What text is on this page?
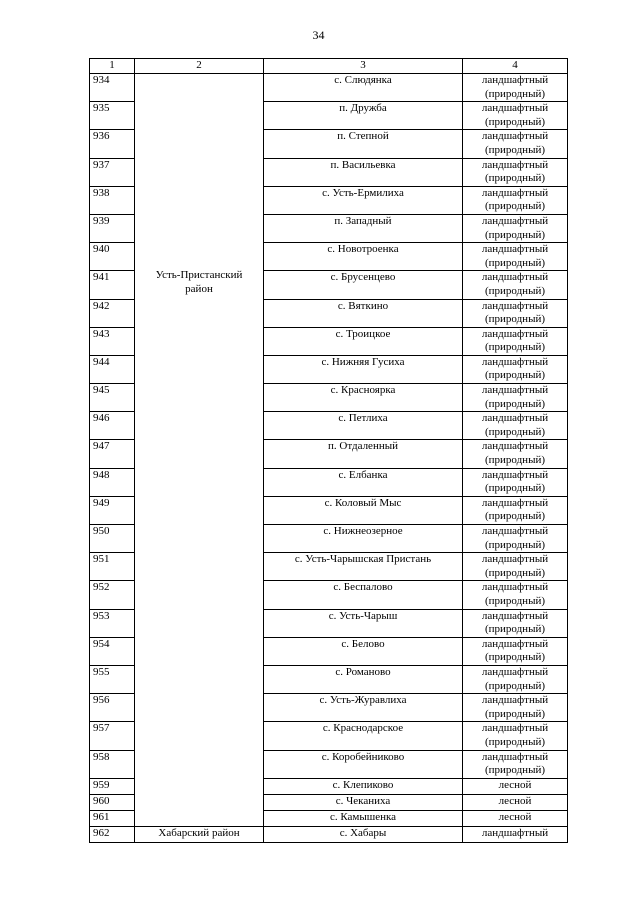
34
1	2	3	4
934	Усть-Пристанский район	с. Слюдянка	ландшафтный
(природный)

935		п. Дружба	ландшафтный
(природный)

936		п. Степной	ландшафтный
(природный)

937		п. Васильевка	ландшафтный
(природный)

938		с. Усть-Ермилиха	ландшафтный
(природный)

939		п. Западный	ландшафтный
(природный)

940		с. Новотроенка	ландшафтный
(природный)

941		с. Брусенцево	ландшафтный
(природный)

942		с. Вяткино	ландшафтный
(природный)

943		с. Троицкое	ландшафтный
(природный)

944		с. Нижняя Гусиха	ландшафтный
(природный)

945		с. Красноярка	ландшафтный
(природный)

946		с. Петлиха	ландшафтный
(природный)

947		п. Отдаленный	ландшафтный
(природный)

948		с. Елбанка	ландшафтный
(природный)

949		с. Коловый Мыс	ландшафтный
(природный)

950		с. Нижнеозерное	ландшафтный
(природный)

951		с. Усть-Чарышская Пристань	ландшафтный
(природный)

952		с. Беспалово	ландшафтный
(природный)

953		с. Усть-Чарыш	ландшафтный
(природный)

954		с. Белово	ландшафтный
(природный)

955		с. Романово	ландшафтный
(природный)

956		с. Усть-Журавлиха	ландшафтный
(природный)

957		с. Краснодарское	ландшафтный
(природный)

958		с. Коробейниково	ландшафтный
(природный)

959		с. Клепиково	лесной

960		с. Чеканиха	лесной

961		с. Камышенка	лесной

962	Хабарский район	с. Хабары	ландшафтный
